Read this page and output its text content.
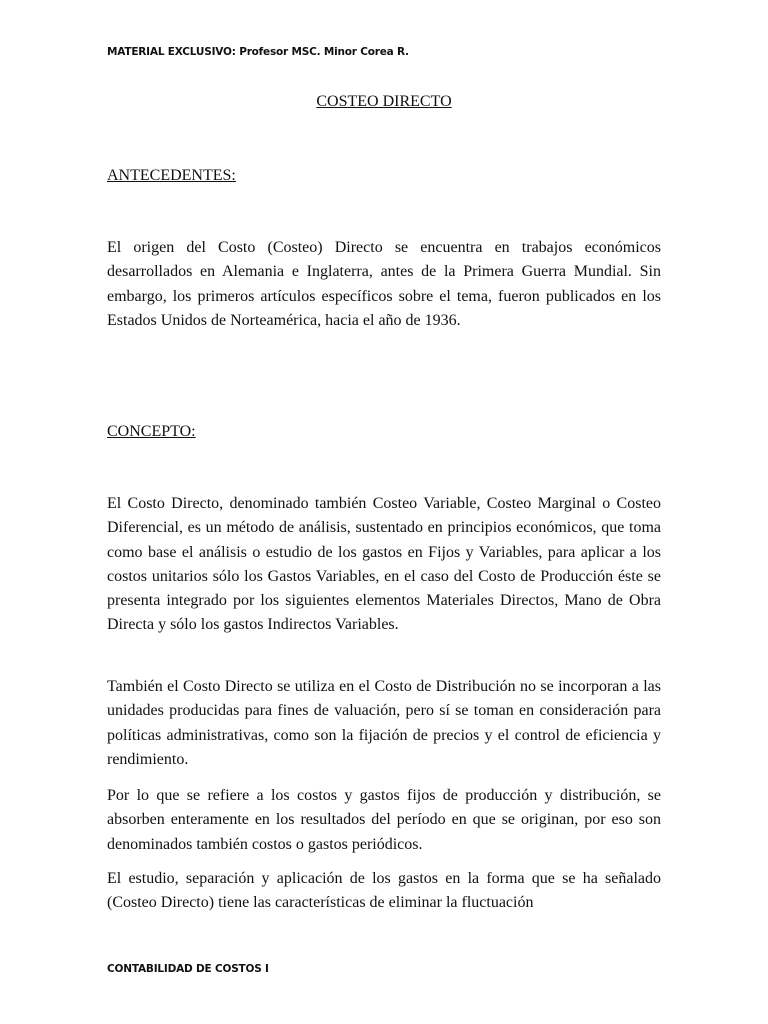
MATERIAL EXCLUSIVO: Profesor MSC. Minor Corea R.
COSTEO DIRECTO
ANTECEDENTES:

El origen del Costo (Costeo) Directo se encuentra en trabajos económicos desarrollados en Alemania e Inglaterra, antes de la Primera Guerra Mundial. Sin embargo, los primeros artículos específicos sobre el tema, fueron publicados en los Estados Unidos de Norteamérica, hacia el año de 1936.

CONCEPTO:

El Costo Directo, denominado también Costeo Variable, Costeo Marginal o Costeo Diferencial, es un método de análisis, sustentado en principios económicos, que toma como base el análisis o estudio de los gastos en Fijos y Variables, para aplicar a los costos unitarios sólo los Gastos Variables, en el caso del Costo de Producción éste se presenta integrado por los siguientes elementos Materiales Directos, Mano de Obra Directa y sólo los gastos Indirectos Variables.

También el Costo Directo se utiliza en el Costo de Distribución no se incorporan a las unidades producidas para fines de valuación, pero sí se toman en consideración para políticas administrativas, como son la fijación de precios y el control de eficiencia y rendimiento.

Por lo que se refiere a los costos y gastos fijos de producción y distribución, se absorben enteramente en los resultados del período en que se originan, por eso son denominados también costos o gastos periódicos.

El estudio, separación y aplicación de los gastos en la forma que se ha señalado (Costeo Directo) tiene las características de eliminar la fluctuación

CONTABILIDAD DE COSTOS I
